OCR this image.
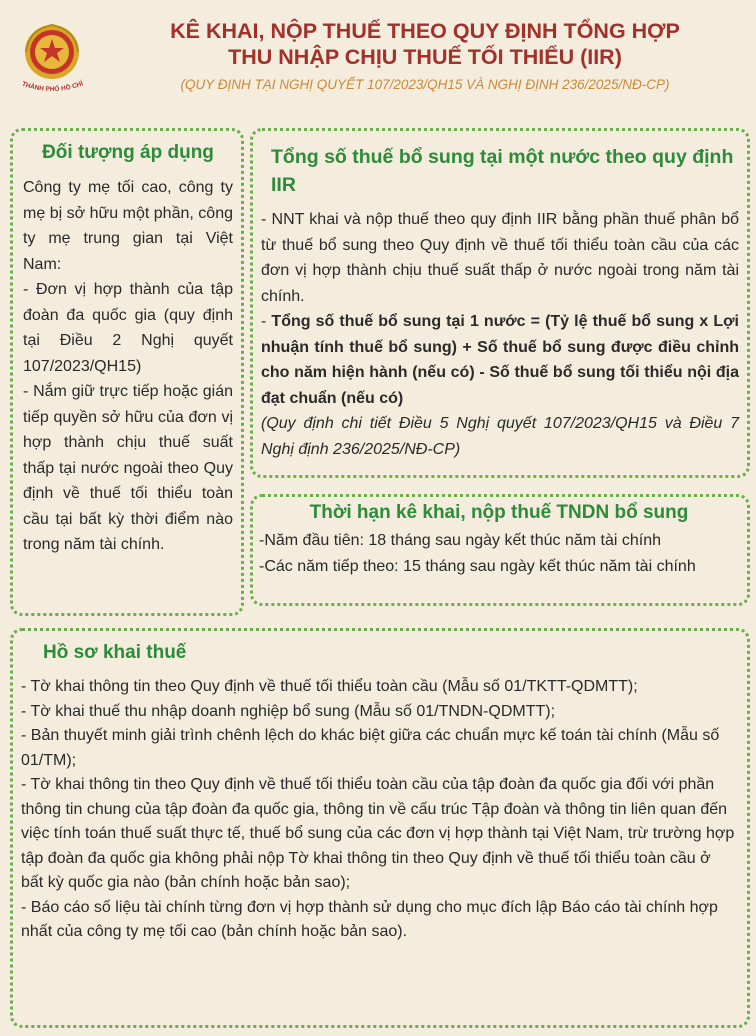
THÀNH PHỐ HỒ CHÍ
KÊ KHAI, NỘP THUẾ THEO QUY ĐỊNH TỔNG HỢP
THU NHẬP CHỊU THUẾ TỐI THIỂU (IIR)
(QUY ĐỊNH TẠI NGHỊ QUYẾT 107/2023/QH15 VÀ NGHỊ ĐỊNH 236/2025/NĐ-CP)
Đối tượng áp dụng

Công ty mẹ tối cao, công ty mẹ bị sở hữu một phần, công ty mẹ trung gian tại Việt Nam:

- Đơn vị hợp thành của tập đoàn đa quốc gia (quy định tại Điều 2 Nghị quyết 107/2023/QH15)

- Nắm giữ trực tiếp hoặc gián tiếp quyền sở hữu của đơn vị hợp thành chịu thuế suất thấp tại nước ngoài theo Quy định về thuế tối thiểu toàn cầu tại bất kỳ thời điểm nào trong năm tài chính.

Tổng số thuế bổ sung tại một nước theo quy định IIR

- NNT khai và nộp thuế theo quy định IIR bằng phần thuế phân bổ từ thuế bổ sung theo Quy định về thuế tối thiểu toàn cầu của các đơn vị hợp thành chịu thuế suất thấp ở nước ngoài trong năm tài chính.

- Tổng số thuế bổ sung tại 1 nước = (Tỷ lệ thuế bổ sung x Lợi nhuận tính thuế bổ sung) + Số thuế bổ sung được điều chỉnh cho năm hiện hành (nếu có) - Số thuế bổ sung tối thiểu nội địa đạt chuẩn (nếu có)

(Quy định chi tiết Điều 5 Nghị quyết 107/2023/QH15 và Điều 7 Nghị định 236/2025/NĐ-CP)

Thời hạn kê khai, nộp thuế TNDN bổ sung

-Năm đầu tiên: 18 tháng sau ngày kết thúc năm tài chính

-Các năm tiếp theo: 15 tháng sau ngày kết thúc năm tài chính

Hồ sơ khai thuế

- Tờ khai thông tin theo Quy định về thuế tối thiểu toàn cầu (Mẫu số 01/TKTT-QDMTT);

- Tờ khai thuế thu nhập doanh nghiệp bổ sung (Mẫu số 01/TNDN-QDMTT);

- Bản thuyết minh giải trình chênh lệch do khác biệt giữa các chuẩn mực kế toán tài chính (Mẫu số 01/TM);

- Tờ khai thông tin theo Quy định về thuế tối thiểu toàn cầu của tập đoàn đa quốc gia đối với phần thông tin chung của tập đoàn đa quốc gia, thông tin về cấu trúc Tập đoàn và thông tin liên quan đến việc tính toán thuế suất thực tế, thuế bổ sung của các đơn vị hợp thành tại Việt Nam, trừ trường hợp tập đoàn đa quốc gia không phải nộp Tờ khai thông tin theo Quy định về thuế tối thiểu toàn cầu ở bất kỳ quốc gia nào (bản chính hoặc bản sao);

- Báo cáo số liệu tài chính từng đơn vị hợp thành sử dụng cho mục đích lập Báo cáo tài chính hợp nhất của công ty mẹ tối cao (bản chính hoặc bản sao).
